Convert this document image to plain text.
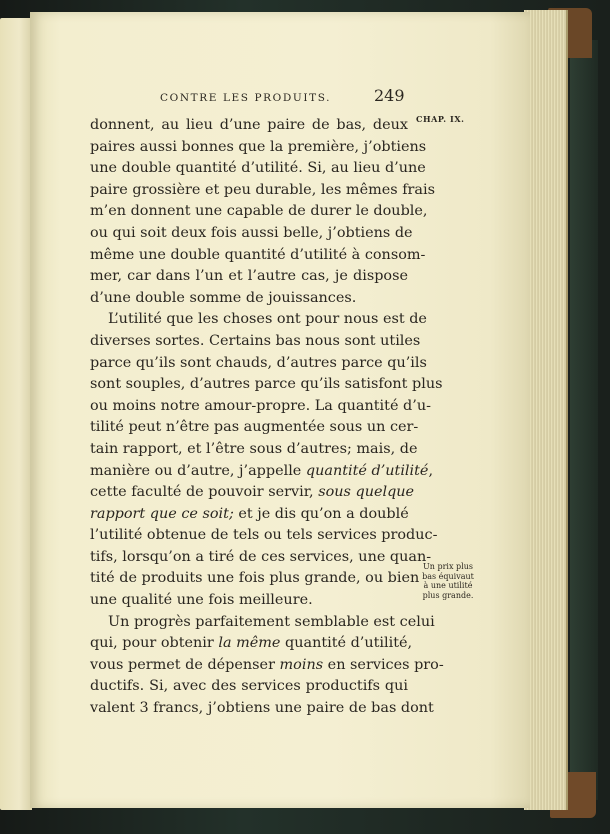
CONTRE LES PRODUITS.	249
CHAP. IX.
donnent, au lieu d’une paire de bas, deux
paires aussi bonnes que la première, j’obtiens
une double quantité d’utilité. Si, au lieu d’une
paire grossière et peu durable, les mêmes frais
m’en donnent une capable de durer le double,
ou qui soit deux fois aussi belle, j’obtiens de
même une double quantité d’utilité à consom-
mer, car dans l’un et l’autre cas, je dispose
d’une double somme de jouissances.
L’utilité que les choses ont pour nous est de
diverses sortes. Certains bas nous sont utiles
parce qu’ils sont chauds, d’autres parce qu’ils
sont souples, d’autres parce qu’ils satisfont plus
ou moins notre amour-propre. La quantité d’u-
tilité peut n’être pas augmentée sous un cer-
tain rapport, et l’être sous d’autres; mais, de
manière ou d’autre, j’appelle quantité d’utilité,
cette faculté de pouvoir servir, sous quelque
rapport que ce soit; et je dis qu’on a doublé
l’utilité obtenue de tels ou tels services produc-
tifs, lorsqu’on a tiré de ces services, une quan-
tité de produits une fois plus grande, ou bien
une qualité une fois meilleure.
Un progrès parfaitement semblable est celui
qui, pour obtenir la même quantité d’utilité,
vous permet de dépenser moins en services pro-
ductifs. Si, avec des services productifs qui
valent 3 francs, j’obtiens une paire de bas dont
Un prix plus
bas équivaut
à une utilité
plus grande.
